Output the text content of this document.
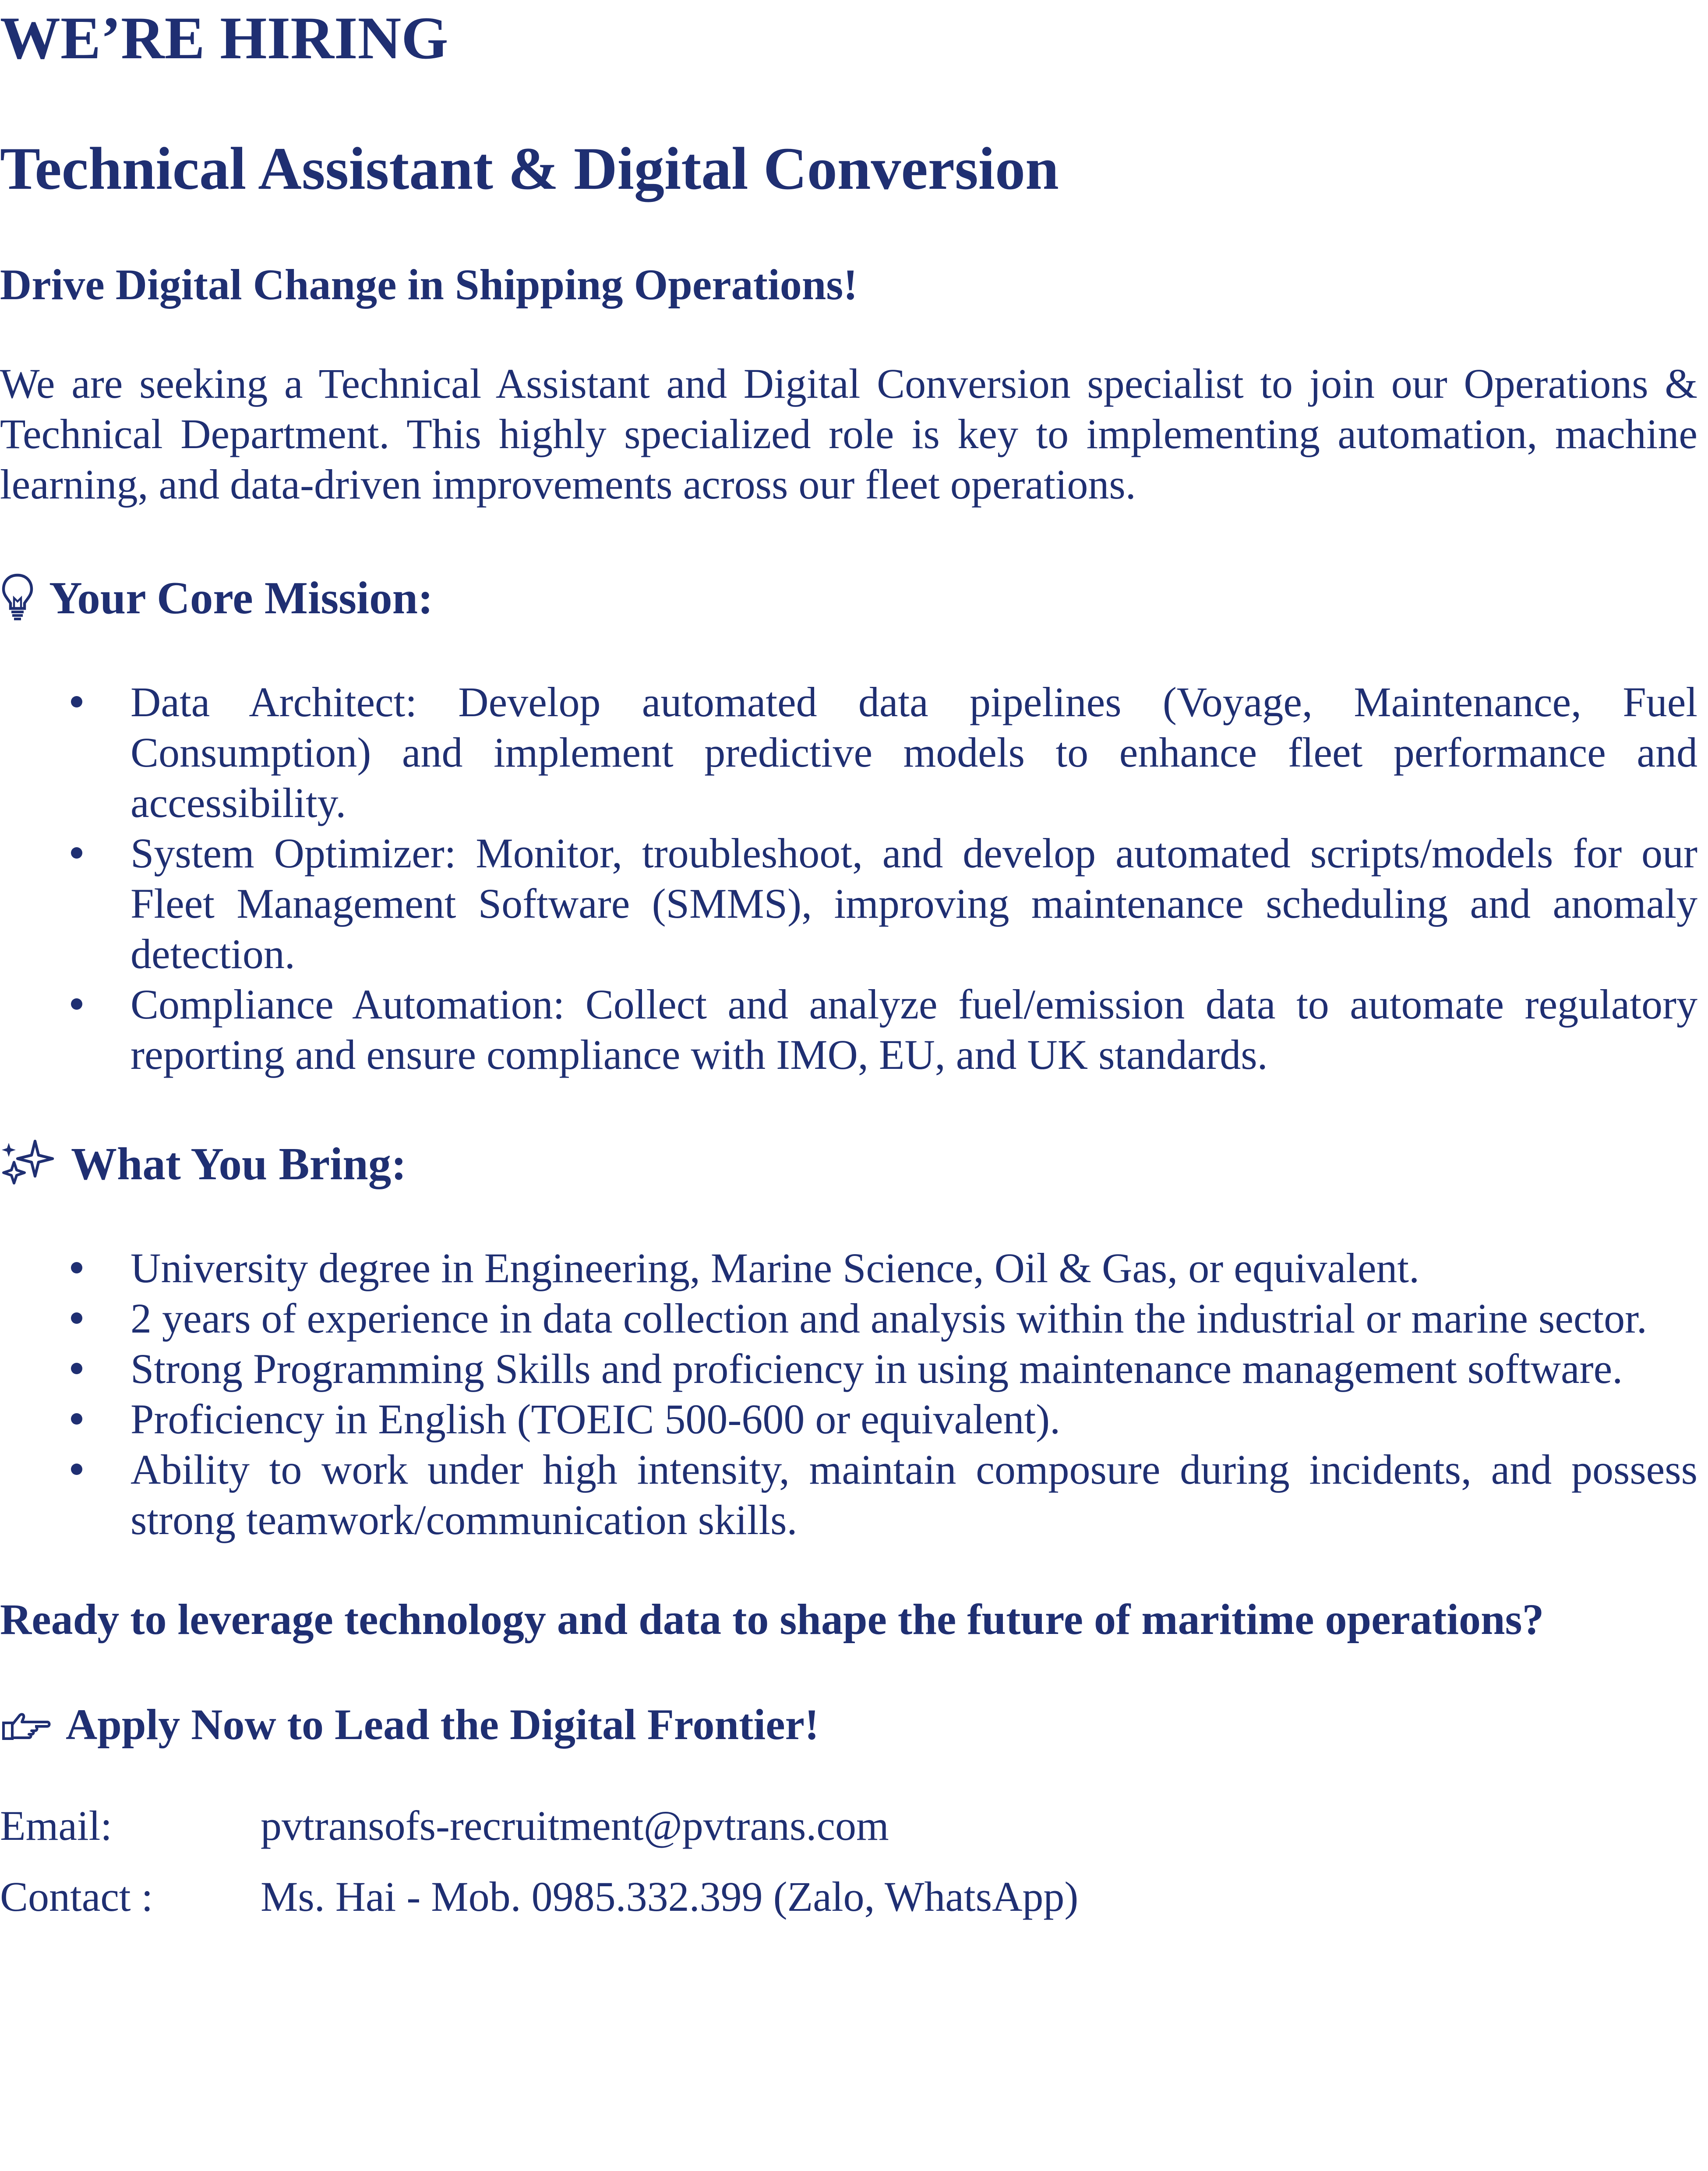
WE’RE HIRING
Technical Assistant & Digital Conversion
Drive Digital Change in Shipping Operations!

We are seeking a Technical Assistant and Digital Conversion specialist to join our Operations & Technical Department. This highly specialized role is key to implementing automation, machine learning, and data-driven improvements across our fleet operations.

Your Core Mission:
Data Architect: Develop automated data pipelines (Voyage, Maintenance, Fuel Consumption) and implement predictive models to enhance fleet performance and accessibility.
System Optimizer: Monitor, troubleshoot, and develop automated scripts/models for our Fleet Management Software (SMMS), improving maintenance scheduling and anomaly detection.
Compliance Automation: Collect and analyze fuel/emission data to automate regulatory reporting and ensure compliance with IMO, EU, and UK standards.
What You Bring:
University degree in Engineering, Marine Science, Oil & Gas, or equivalent.
2 years of experience in data collection and analysis within the industrial or marine sector.
Strong Programming Skills and proficiency in using maintenance management software.
Proficiency in English (TOEIC 500-600 or equivalent).
Ability to work under high intensity, maintain composure during incidents, and possess strong teamwork/communication skills.

Ready to leverage technology and data to shape the future of maritime operations?

Apply Now to Lead the Digital Frontier!
Email:	pvtransofs-recruitment@pvtrans.com
Contact :	Ms. Hai - Mob. 0985.332.399 (Zalo, WhatsApp)
